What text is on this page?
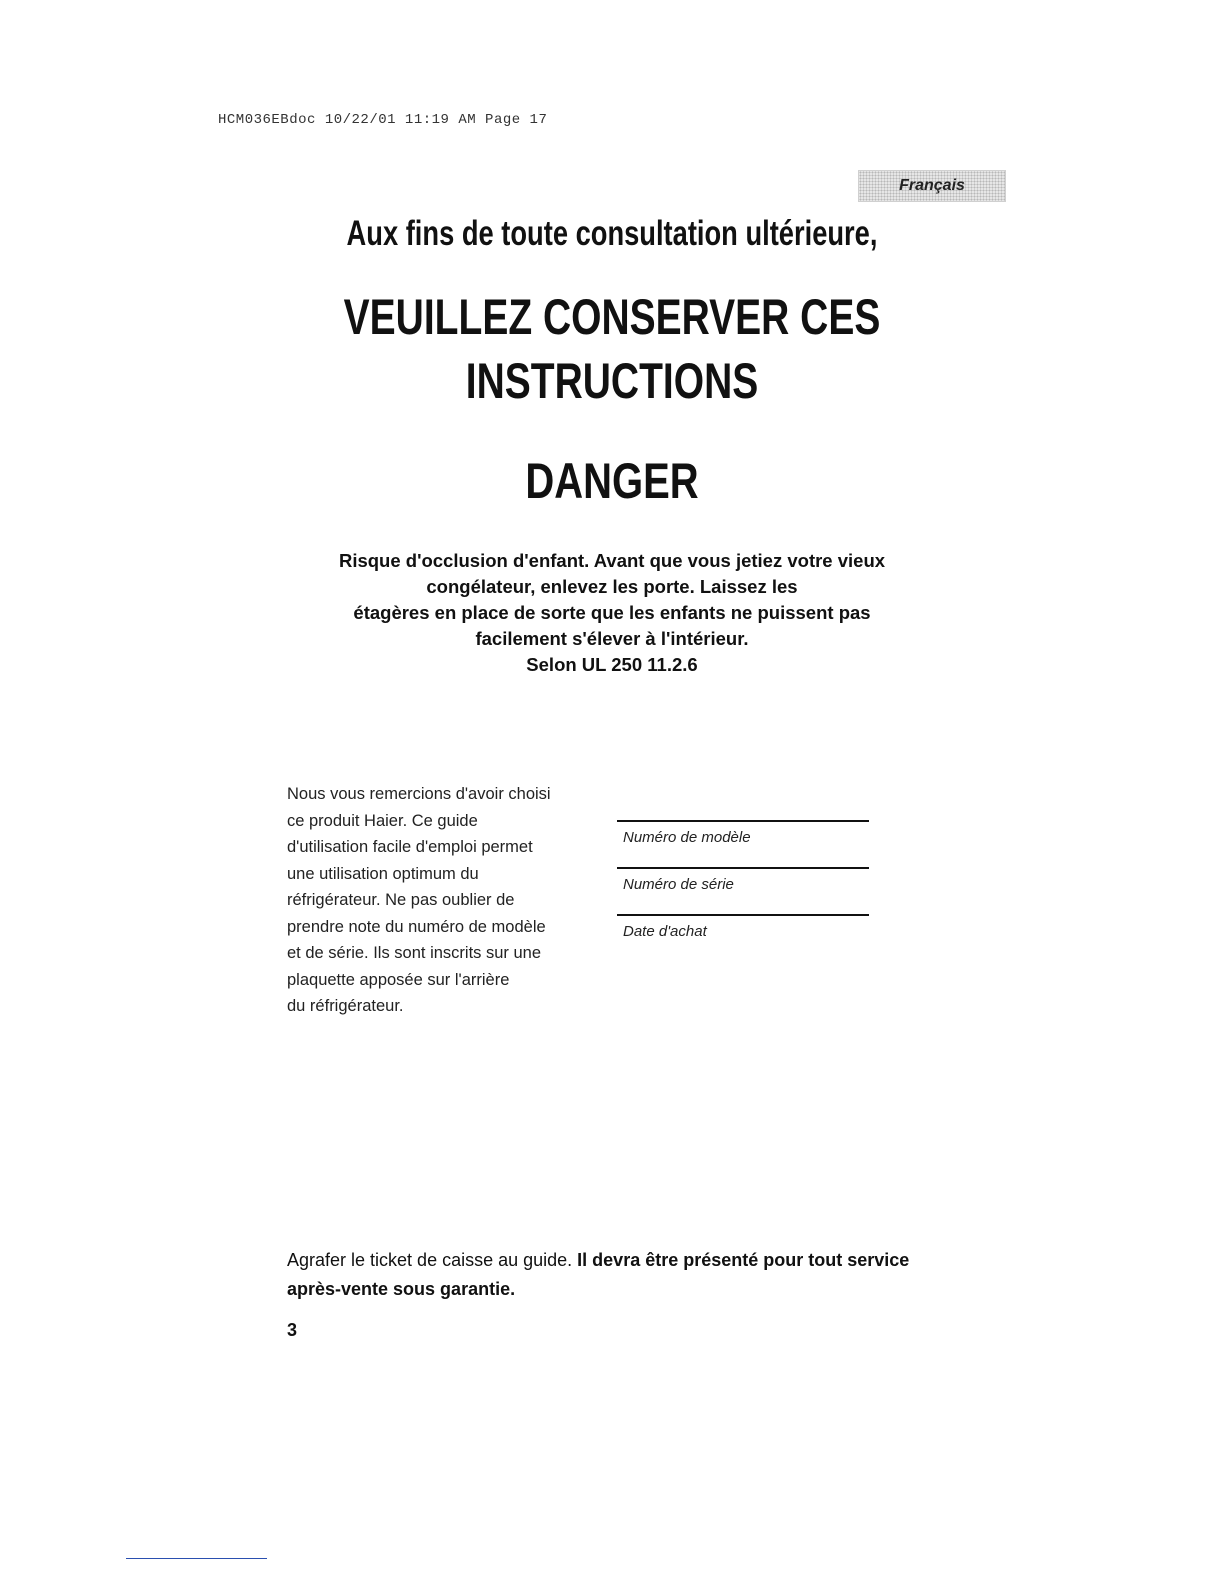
HCM036EBdoc 10/22/01 11:19 AM Page 17
Français
Aux fins de toute consultation ultérieure,
VEUILLEZ CONSERVER CES
INSTRUCTIONS
DANGER
Risque d'occlusion d'enfant. Avant que vous jetiez votre vieux
congélateur, enlevez les porte. Laissez les
étagères en place de sorte que les enfants ne puissent pas
facilement s'élever à l'intérieur.
Selon UL 250 11.2.6
Nous vous remercions d'avoir choisi
ce produit Haier. Ce guide
d'utilisation facile d'emploi permet
une utilisation optimum du
réfrigérateur. Ne pas oublier de
prendre note du numéro de modèle
et de série. Ils sont inscrits sur une
plaquette apposée sur l'arrière
du réfrigérateur.
Numéro de modèle
Numéro de série
Date d'achat
Agrafer le ticket de caisse au guide. Il devra être présenté pour tout service après-vente sous garantie.
3
